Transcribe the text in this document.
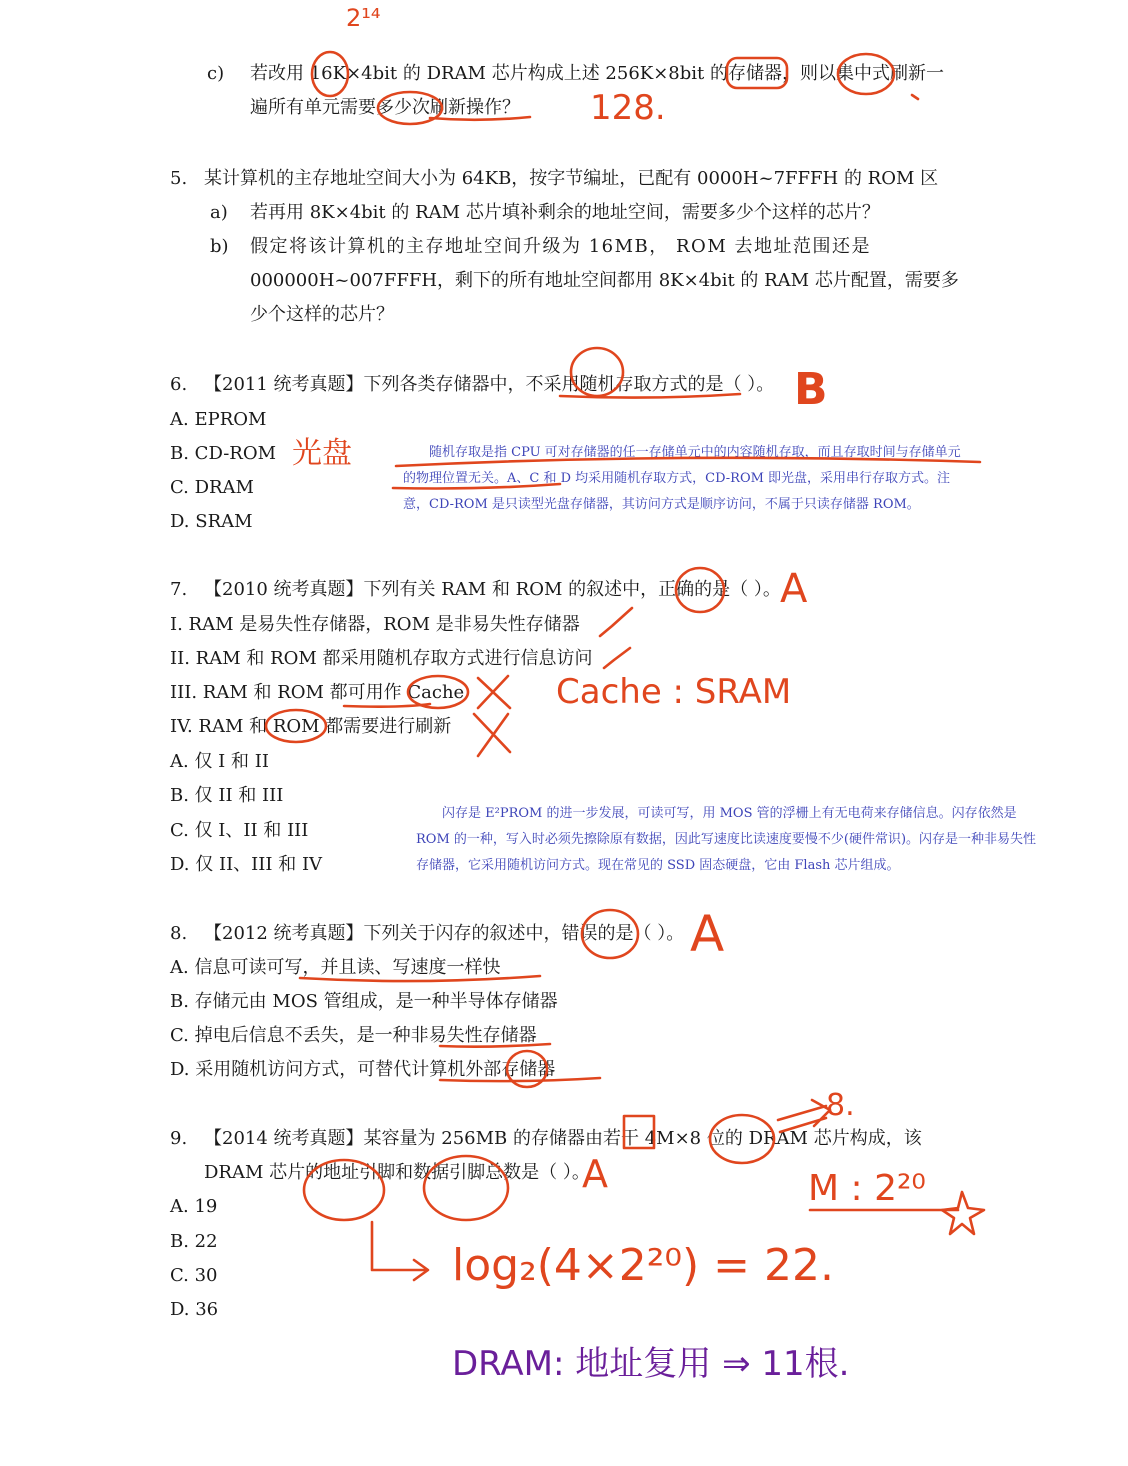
c) 若改用 16K×4bit 的 DRAM 芯片构成上述 256K×8bit 的存储器，则以集中式刷新一
遍所有单元需要多少次刷新操作？
5. 某计算机的主存地址空间大小为 64KB，按字节编址，已配有 0000H~7FFFH 的 ROM 区
a) 若再用 8K×4bit 的 RAM 芯片填补剩余的地址空间，需要多少个这样的芯片？
b) 假定将该计算机的主存地址空间升级为 16MB， ROM 去地址范围还是
000000H~007FFFH，剩下的所有地址空间都用 8K×4bit 的 RAM 芯片配置，需要多
少个这样的芯片？
6. 【2011 统考真题】下列各类存储器中，不采用随机存取方式的是（ ）。
A. EPROM
B. CD-ROM
C. DRAM
D. SRAM

随机存取是指 CPU 可对存储器的任一存储单元中的内容随机存取，而且存取时间与存储单元的物理位置无关。A、C 和 D 均采用随机存取方式，CD-ROM 即光盘，采用串行存取方式。注意，CD-ROM 是只读型光盘存储器，其访问方式是顺序访问，不属于只读存储器 ROM。

7. 【2010 统考真题】下列有关 RAM 和 ROM 的叙述中，正确的是（ ）。
I. RAM 是易失性存储器，ROM 是非易失性存储器
II. RAM 和 ROM 都采用随机存取方式进行信息访问
III. RAM 和 ROM 都可用作 Cache
IV. RAM 和 ROM 都需要进行刷新
A. 仅 I 和 II
B. 仅 II 和 III
C. 仅 I、II 和 III
D. 仅 II、III 和 IV

闪存是 E²PROM 的进一步发展，可读可写，用 MOS 管的浮栅上有无电荷来存储信息。闪存依然是 ROM 的一种，写入时必须先擦除原有数据，因此写速度比读速度要慢不少(硬件常识)。闪存是一种非易失性存储器，它采用随机访问方式。现在常见的 SSD 固态硬盘，它由 Flash 芯片组成。

8. 【2012 统考真题】下列关于闪存的叙述中，错误的是（ ）。
A. 信息可读可写，并且读、写速度一样快
B. 存储元由 MOS 管组成，是一种半导体存储器
C. 掉电后信息不丢失，是一种非易失性存储器
D. 采用随机访问方式，可替代计算机外部存储器
9. 【2014 统考真题】某容量为 256MB 的存储器由若干 4M×8 位的 DRAM 芯片构成，该
DRAM 芯片的地址引脚和数据引脚总数是（ ）。
A. 19
B. 22
C. 30
D. 36
2¹⁴
128.
B
光盘
A
Cache : SRAM
A
8.
A	M : 2²⁰
log₂(4×2²⁰) = 22.
DRAM: 地址复用 ⇒ 11根.
